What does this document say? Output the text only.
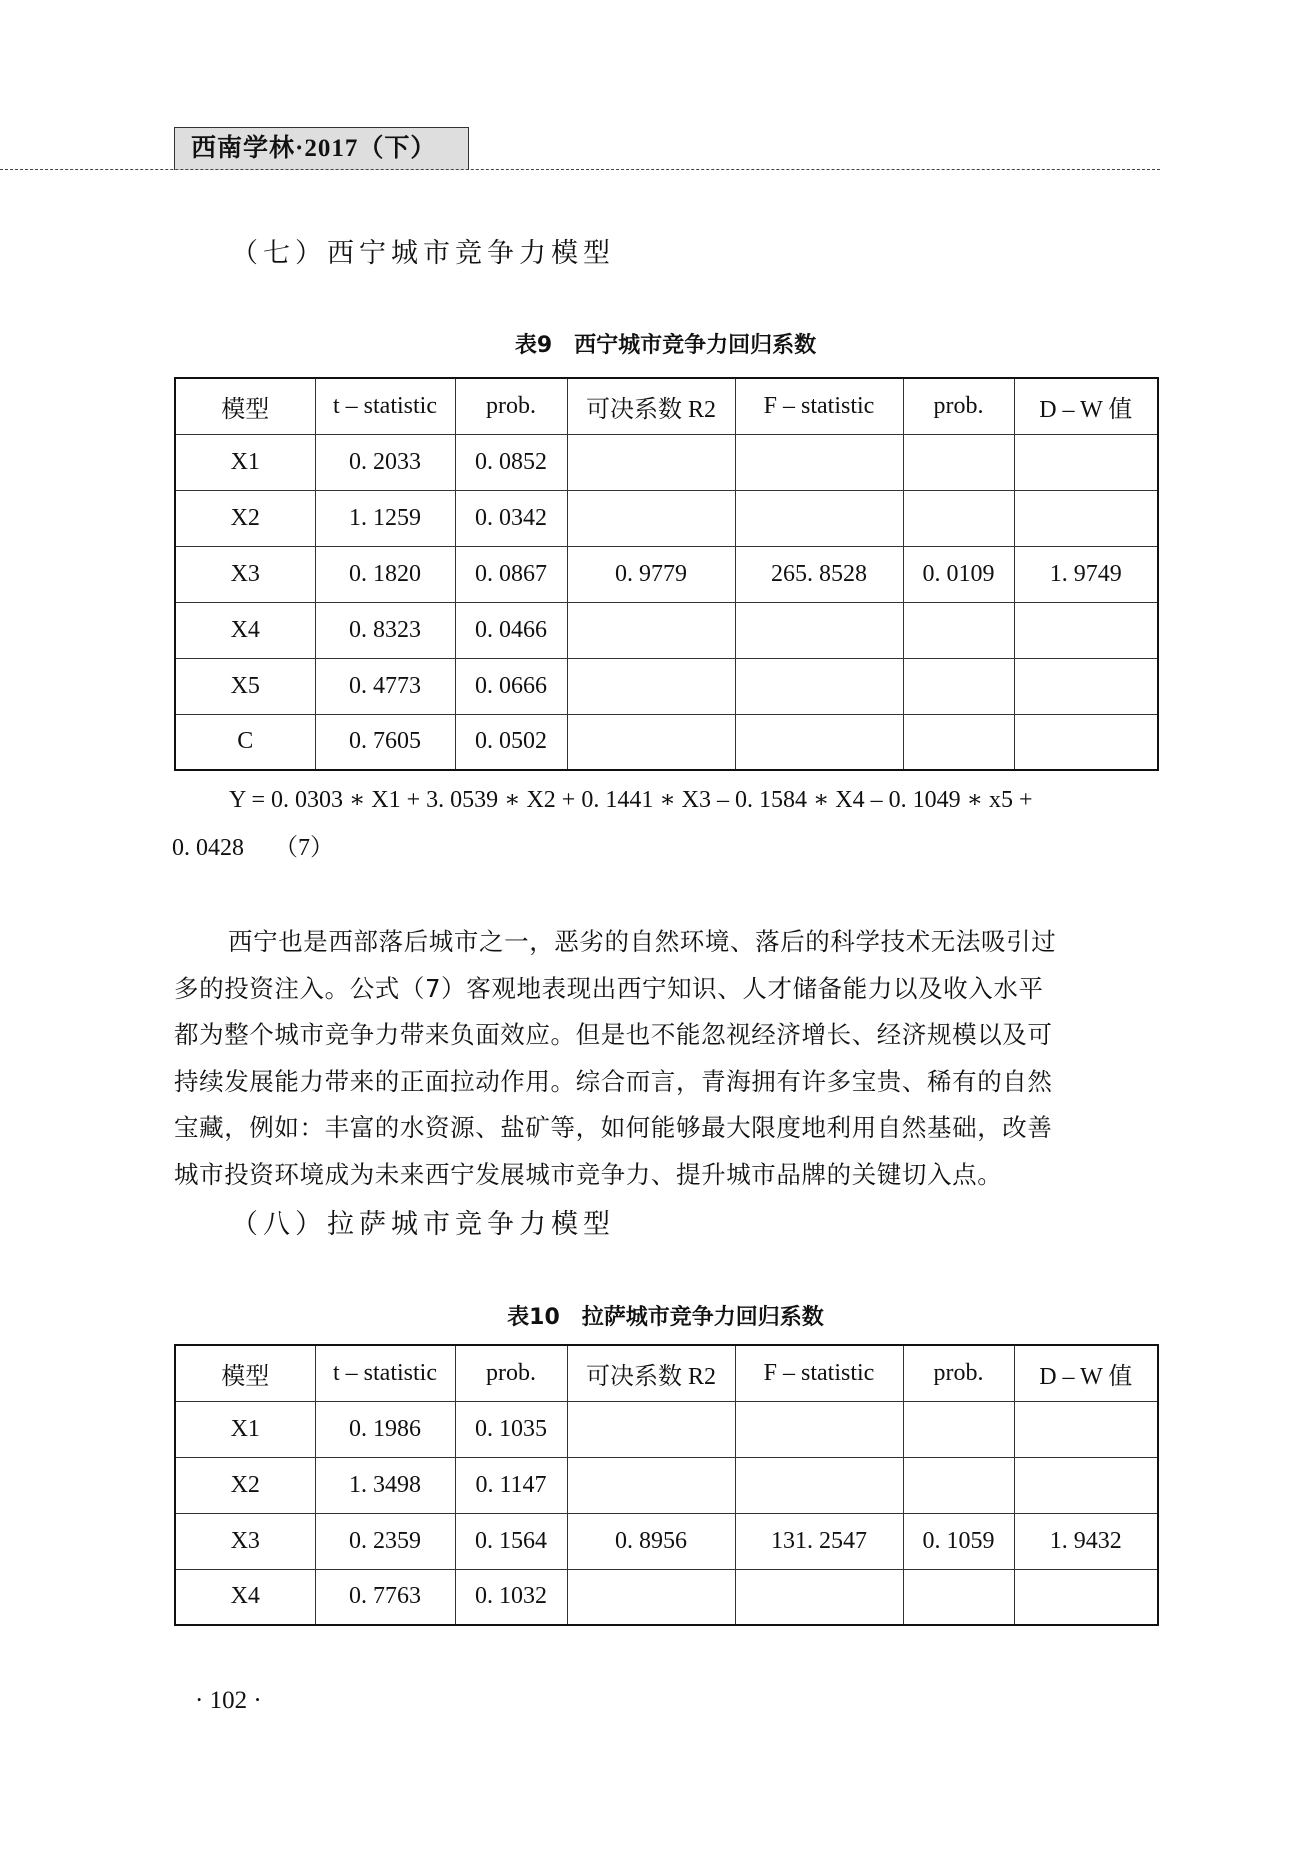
西南学林·2017（下）
（七）西宁城市竞争力模型
表9 西宁城市竞争力回归系数
模型	t – statistic	prob.	可决系数 R2	F – statistic	prob.	D – W 值
X1	0. 2033	0. 0852				
X2	1. 1259	0. 0342				
X3	0. 1820	0. 0867	0. 9779	265. 8528	0. 0109	1. 9749
X4	0. 8323	0. 0466				
X5	0. 4773	0. 0666				
C	0. 7605	0. 0502				
Y = 0. 0303 ∗ X1 + 3. 0539 ∗ X2 + 0. 1441 ∗ X3 – 0. 1584 ∗ X4 – 0. 1049 ∗ x5 +
0. 0428 （7）
西宁也是西部落后城市之一，恶劣的自然环境、落后的科学技术无法吸引过
多的投资注入。公式（7）客观地表现出西宁知识、人才储备能力以及收入水平
都为整个城市竞争力带来负面效应。但是也不能忽视经济增长、经济规模以及可
持续发展能力带来的正面拉动作用。综合而言，青海拥有许多宝贵、稀有的自然
宝藏，例如：丰富的水资源、盐矿等，如何能够最大限度地利用自然基础，改善
城市投资环境成为未来西宁发展城市竞争力、提升城市品牌的关键切入点。
（八）拉萨城市竞争力模型
表10 拉萨城市竞争力回归系数
模型	t – statistic	prob.	可决系数 R2	F – statistic	prob.	D – W 值
X1	0. 1986	0. 1035				
X2	1. 3498	0. 1147				
X3	0. 2359	0. 1564	0. 8956	131. 2547	0. 1059	1. 9432
X4	0. 7763	0. 1032				
· 102 ·
